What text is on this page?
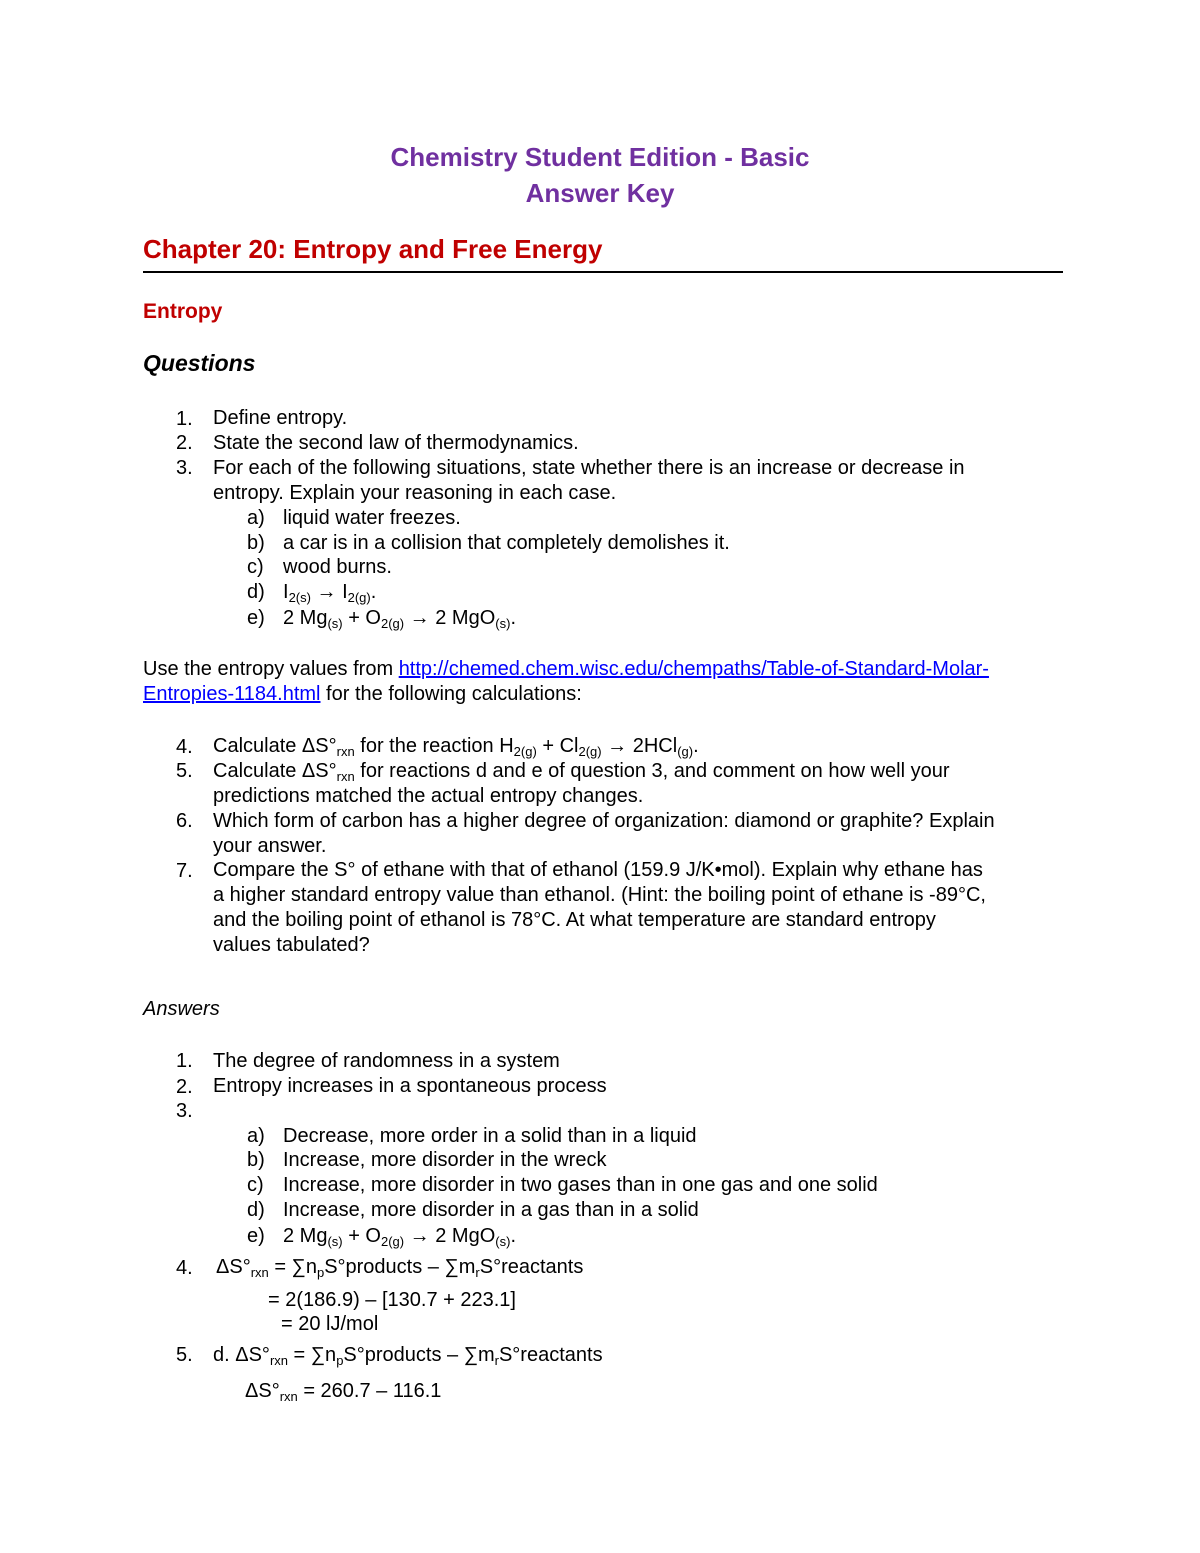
Chemistry Student Edition - Basic
Answer Key
Chapter 20: Entropy and Free Energy
Entropy
Questions
1. Define entropy.
2. State the second law of thermodynamics.
3. For each of the following situations, state whether there is an increase or decrease in
entropy. Explain your reasoning in each case.
a) liquid water freezes.
b) a car is in a collision that completely demolishes it.
c) wood burns.
d) $I_{2(s)} \to I_{2(g)}$.
e) 2 $Mg_{(s)} + O_{2(g)} \to 2$ MgO$_{(s)}$.
Use the entropy values from http://chemed.chem.wisc.edu/chempaths/Table-of-Standard-Molar-
Entropies-1184.html for the following calculations:
4. Calculate $\Delta S^\circ_{rxn}$ for the reaction $H_{2(g)} + Cl_{2(g)} \to 2HCl_{(g)}$.
5. Calculate $\Delta S^\circ_{rxn}$ for reactions d and e of question 3, and comment on how well your
predictions matched the actual entropy changes.
6. Which form of carbon has a higher degree of organization: diamond or graphite? Explain
your answer.
7. Compare the S° of ethane with that of ethanol (159.9 J/K•mol). Explain why ethane has
a higher standard entropy value than ethanol. (Hint: the boiling point of ethane is -89°C,
and the boiling point of ethanol is 78°C. At what temperature are standard entropy
values tabulated?
Answers
1. The degree of randomness in a system
2. Entropy increases in a spontaneous process
3.
a) Decrease, more order in a solid than in a liquid
b) Increase, more disorder in the wreck
c) Increase, more disorder in two gases than in one gas and one solid
d) Increase, more disorder in a gas than in a solid
e) 2 $Mg_{(s)} + O_{2(g)} \to 2$ MgO$_{(s)}$.
4. $\Delta S^\circ_{rxn}$ = $\sum n_pS^\circ products$ – $\sum m_rS^\circ reactants$
= 2(186.9) – [130.7 + 223.1]
= 20 lJ/mol
5. d. $\Delta S^\circ_{rxn}$ = $\sum n_pS^\circ products$ – $\sum m_rS^\circ reactants$
$\Delta S^\circ_{rxn} = 260.7 - 116.1$
